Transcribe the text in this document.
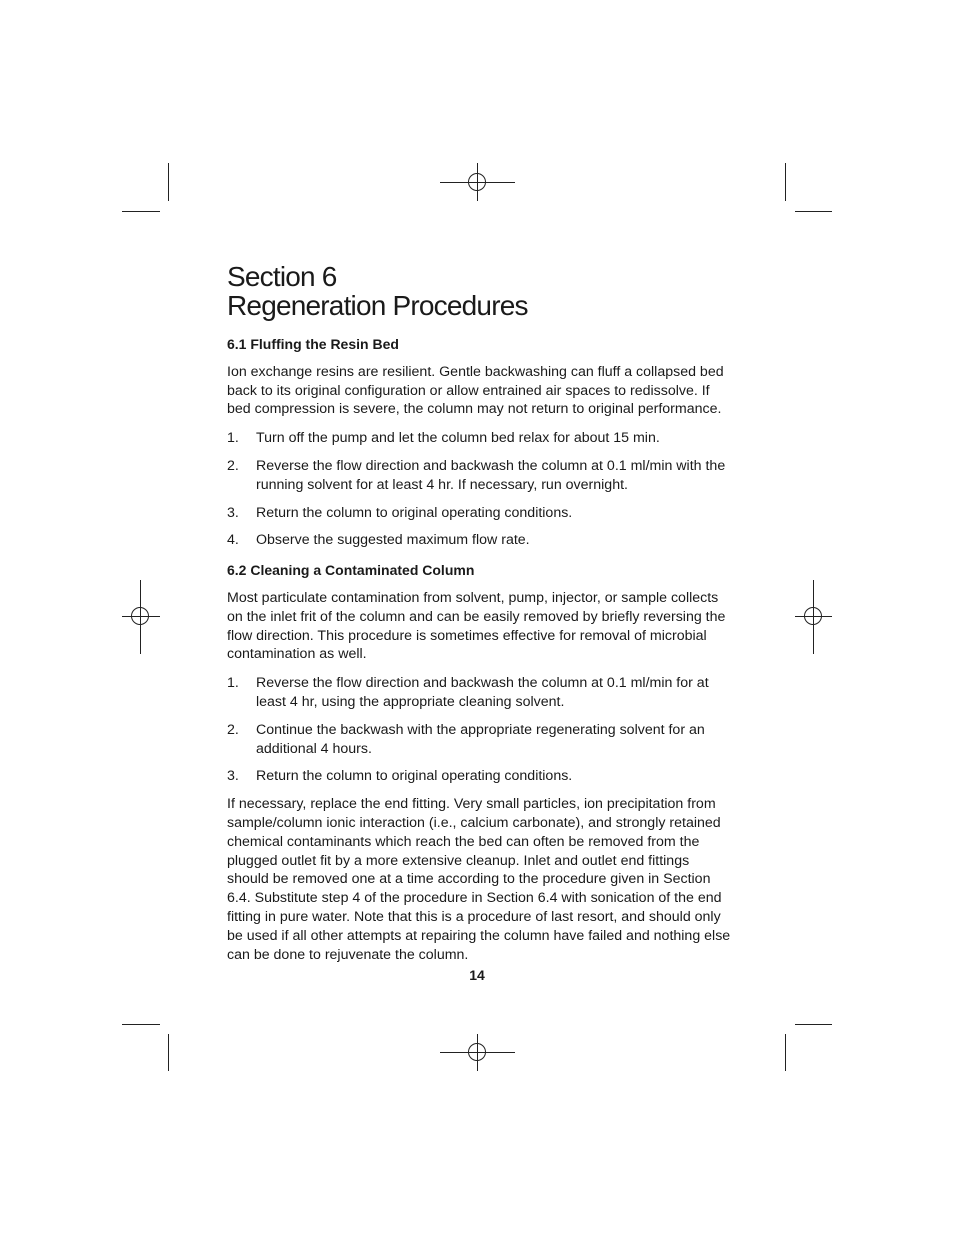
Section 6
Regeneration Procedures
6.1 Fluffing the Resin Bed

Ion exchange resins are resilient. Gentle backwashing can fluff a collapsed bed back to its original configuration or allow entrained air spaces to redissolve. If bed compression is severe, the column may not return to original performance.

1. Turn off the pump and let the column bed relax for about 15 min.
2. Reverse the flow direction and backwash the column at 0.1 ml/min with the running solvent for at least 4 hr. If necessary, run overnight.
3. Return the column to original operating conditions.
4. Observe the suggested maximum flow rate.
6.2 Cleaning a Contaminated Column

Most particulate contamination from solvent, pump, injector, or sample collects on the inlet frit of the column and can be easily removed by briefly reversing the flow direction. This procedure is sometimes effective for removal of microbial contamination as well.

1. Reverse the flow direction and backwash the column at 0.1 ml/min for at least 4 hr, using the appropriate cleaning solvent.
2. Continue the backwash with the appropriate regenerating solvent for an additional 4 hours.
3. Return the column to original operating conditions.

If necessary, replace the end fitting. Very small particles, ion precipitation from sample/column ionic interaction (i.e., calcium carbonate), and strongly retained chemical contaminants which reach the bed can often be removed from the plugged outlet fit by a more extensive cleanup. Inlet and outlet end fittings should be removed one at a time according to the procedure given in Section 6.4. Substitute step 4 of the procedure in Section 6.4 with sonication of the end fitting in pure water. Note that this is a procedure of last resort, and should only be used if all other attempts at repairing the column have failed and nothing else can be done to rejuvenate the column.

14
